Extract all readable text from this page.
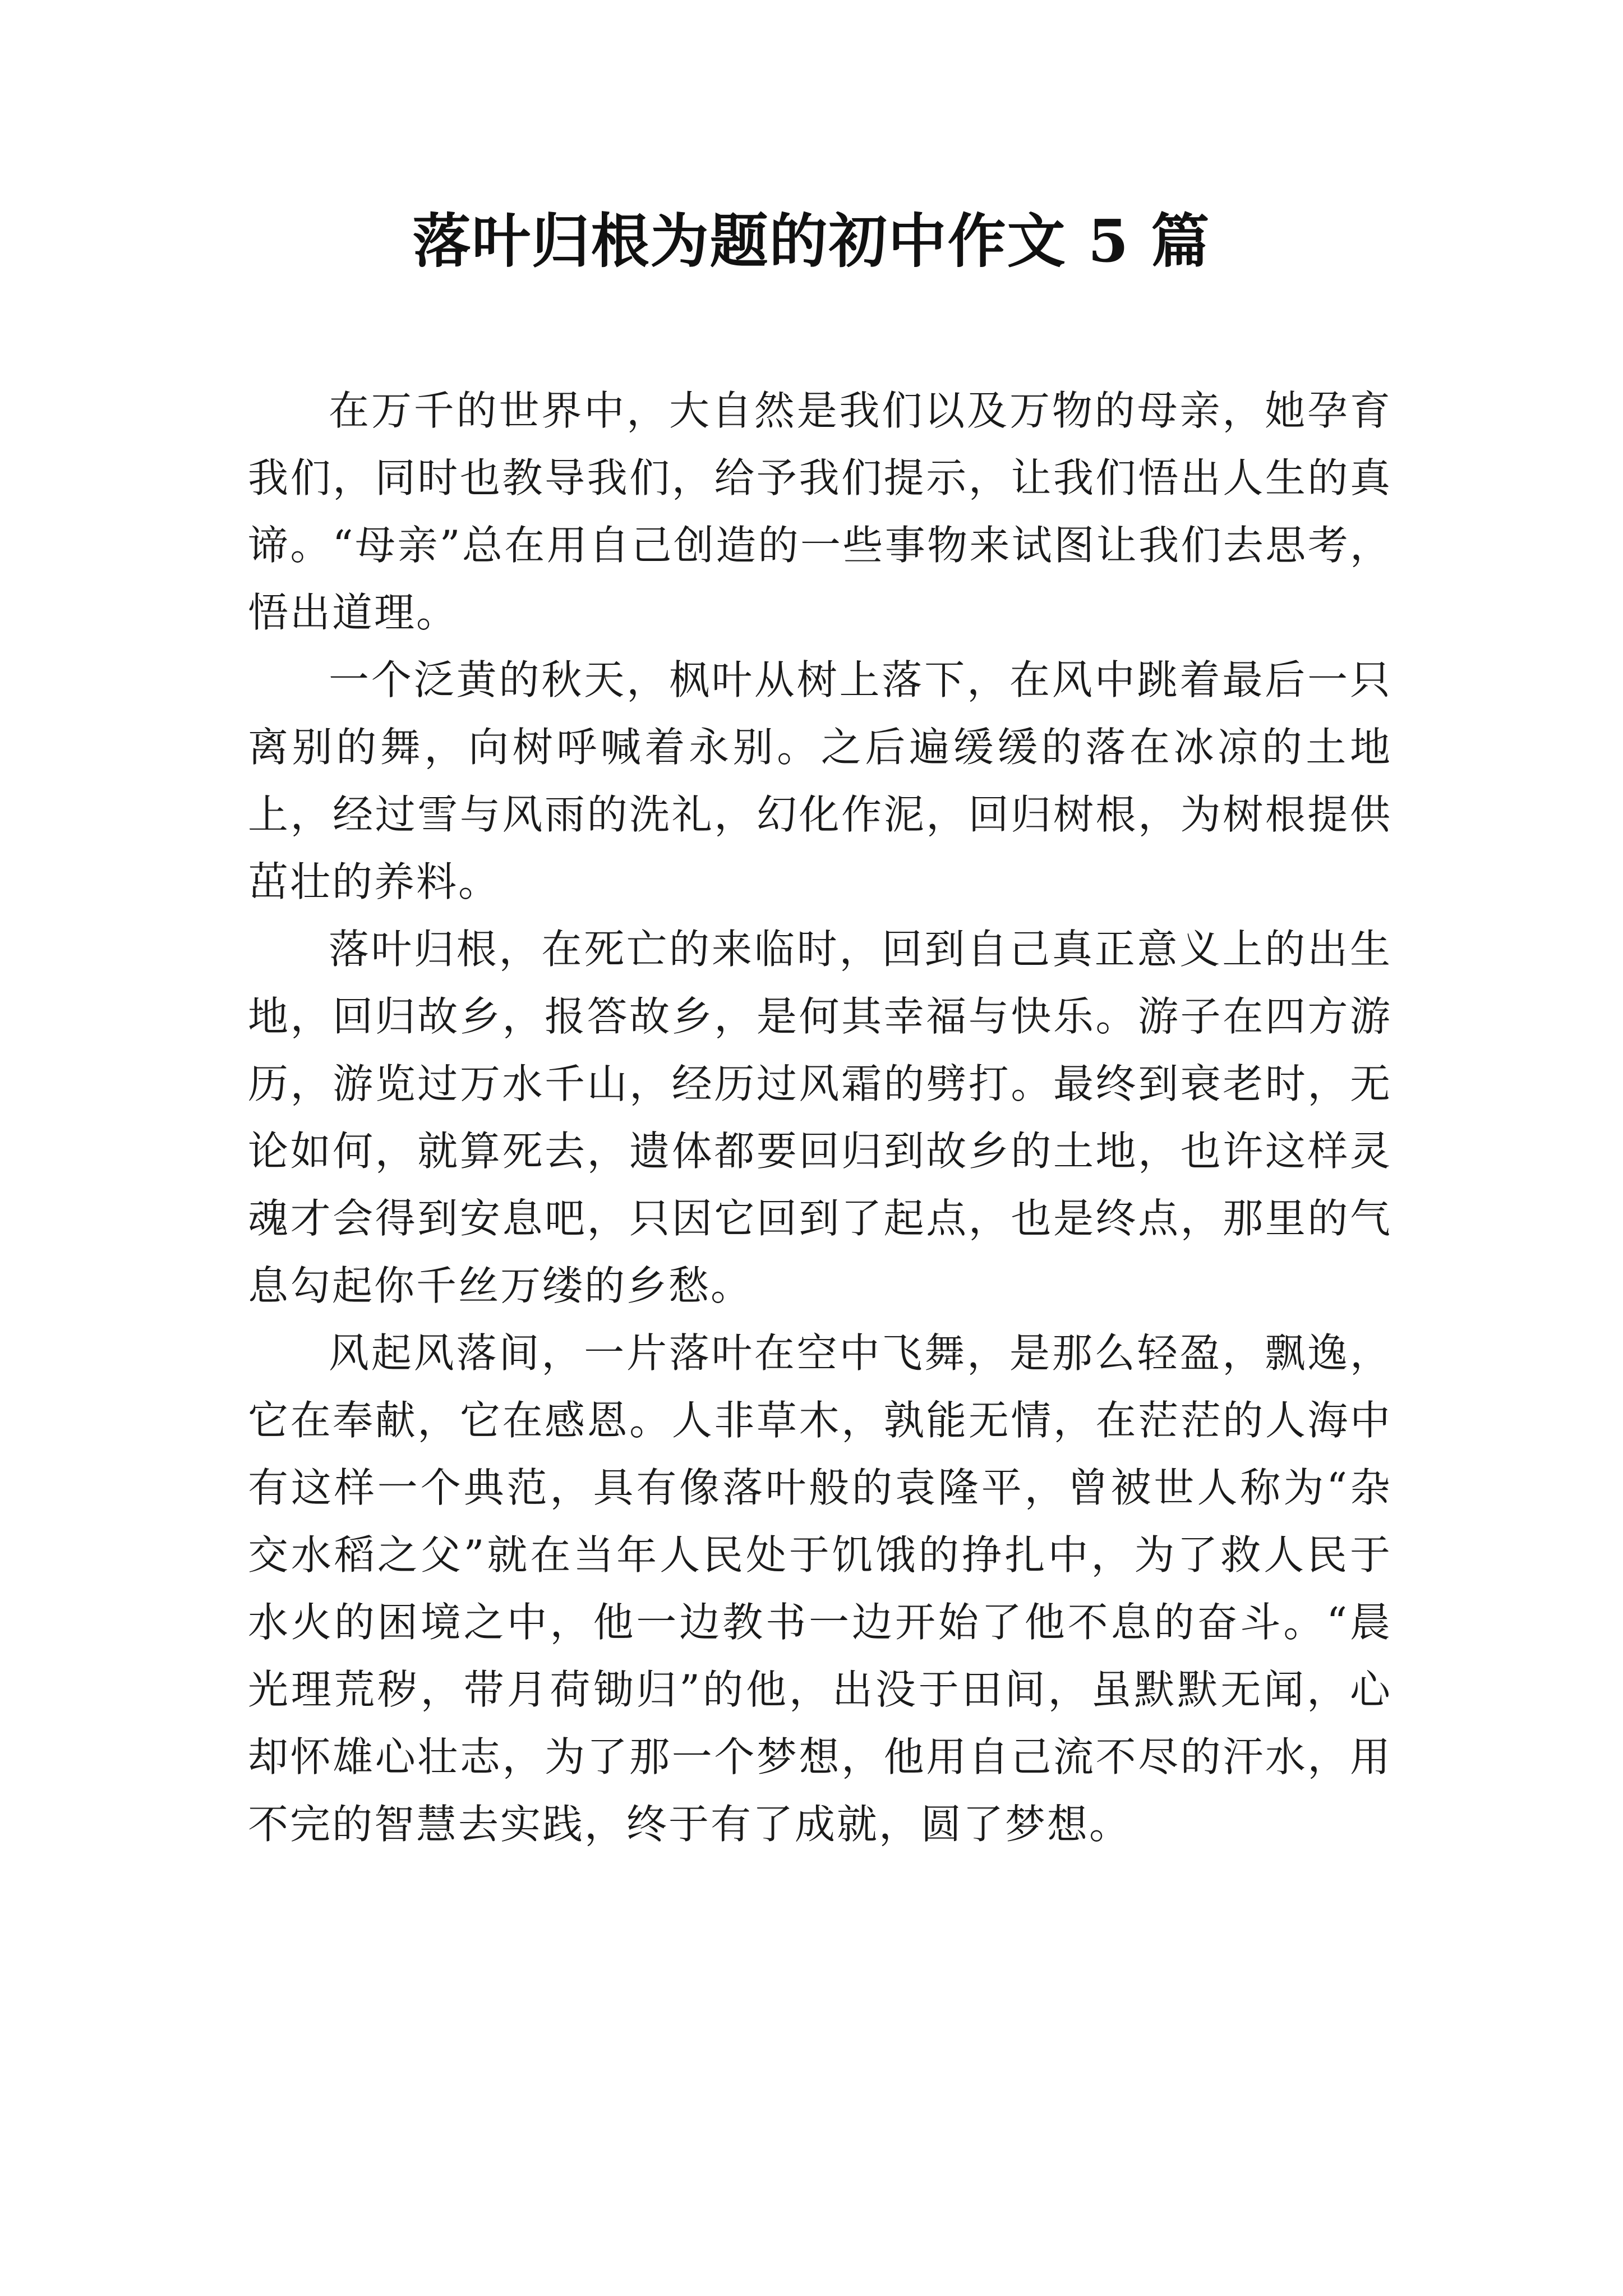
落叶归根为题的初中作文 5 篇

在万千的世界中，大自然是我们以及万物的母亲，她孕育我们，同时也教导我们，给予我们提示，让我们悟出人生的真谛。“母亲”总在用自己创造的一些事物来试图让我们去思考，悟出道理。

一个泛黄的秋天，枫叶从树上落下，在风中跳着最后一只离别的舞，向树呼喊着永别。之后遍缓缓的落在冰凉的土地上，经过雪与风雨的洗礼，幻化作泥，回归树根，为树根提供茁壮的养料。

落叶归根，在死亡的来临时，回到自己真正意义上的出生地，回归故乡，报答故乡，是何其幸福与快乐。游子在四方游历，游览过万水千山，经历过风霜的劈打。最终到衰老时，无论如何，就算死去，遗体都要回归到故乡的土地，也许这样灵魂才会得到安息吧，只因它回到了起点，也是终点，那里的气息勾起你千丝万缕的乡愁。

风起风落间，一片落叶在空中飞舞，是那么轻盈，飘逸，它在奉献，它在感恩。人非草木，孰能无情，在茫茫的人海中有这样一个典范，具有像落叶般的袁隆平，曾被世人称为“杂交水稻之父”就在当年人民处于饥饿的挣扎中，为了救人民于水火的困境之中，他一边教书一边开始了他不息的奋斗。“晨光理荒秽，带月荷锄归”的他，出没于田间，虽默默无闻，心却怀雄心壮志，为了那一个梦想，他用自己流不尽的汗水，用不完的智慧去实践，终于有了成就，圆了梦想。
